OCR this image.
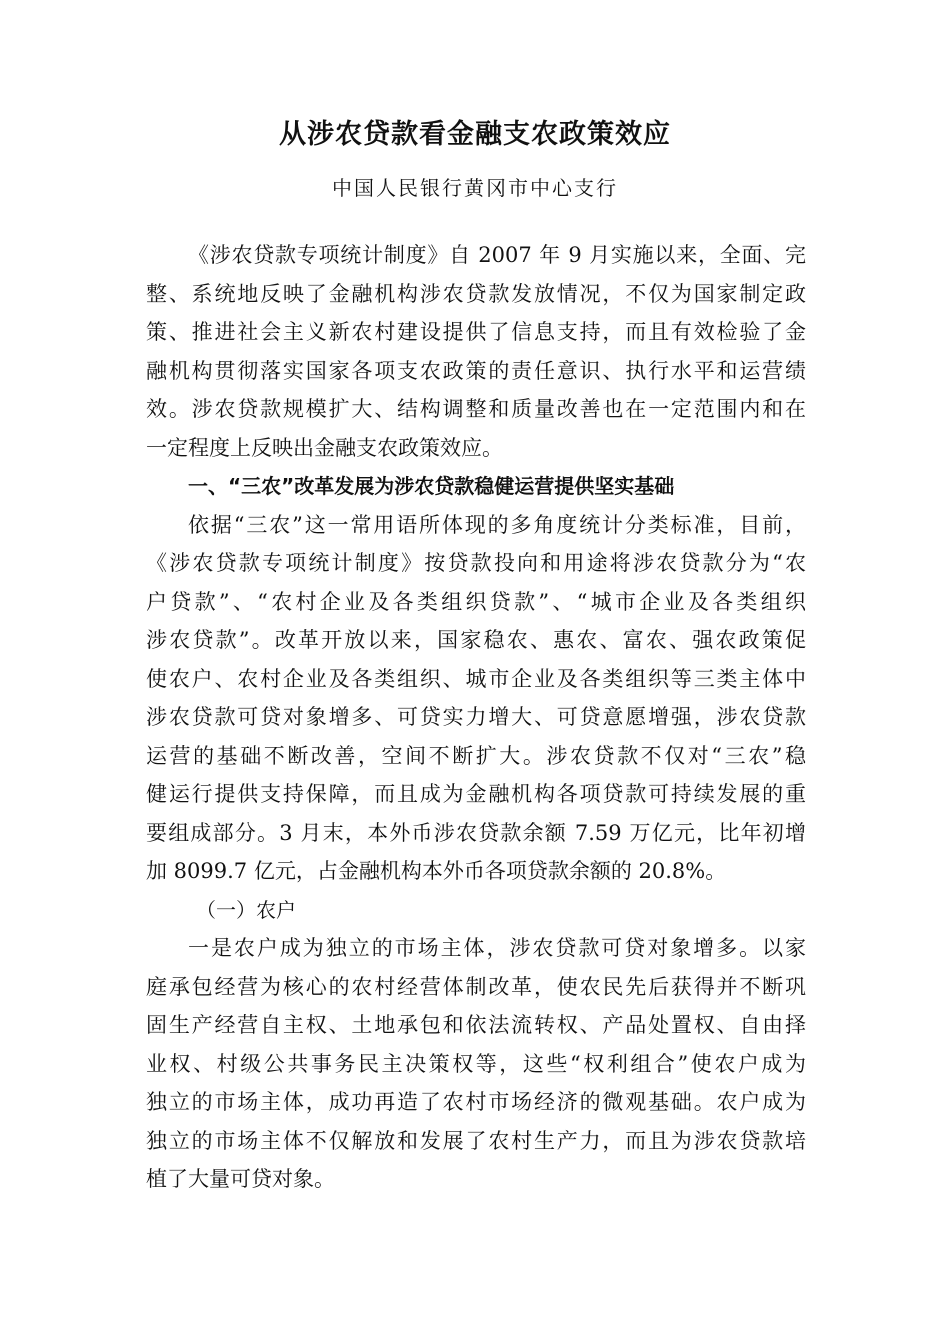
从涉农贷款看金融支农政策效应
中国人民银行黄冈市中心支行
《涉农贷款专项统计制度》自 2007 年 9 月实施以来，全面、完
整、系统地反映了金融机构涉农贷款发放情况，不仅为国家制定政
策、推进社会主义新农村建设提供了信息支持，而且有效检验了金
融机构贯彻落实国家各项支农政策的责任意识、执行水平和运营绩
效。涉农贷款规模扩大、结构调整和质量改善也在一定范围内和在
一定程度上反映出金融支农政策效应。
一、“三农”改革发展为涉农贷款稳健运营提供坚实基础
依据“三农”这一常用语所体现的多角度统计分类标准，目前，
《涉农贷款专项统计制度》按贷款投向和用途将涉农贷款分为“农
户贷款”、“农村企业及各类组织贷款”、“城市企业及各类组织
涉农贷款”。改革开放以来，国家稳农、惠农、富农、强农政策促
使农户、农村企业及各类组织、城市企业及各类组织等三类主体中
涉农贷款可贷对象增多、可贷实力增大、可贷意愿增强，涉农贷款
运营的基础不断改善，空间不断扩大。涉农贷款不仅对“三农”稳
健运行提供支持保障，而且成为金融机构各项贷款可持续发展的重
要组成部分。3 月末，本外币涉农贷款余额 7.59 万亿元，比年初增
加 8099.7 亿元，占金融机构本外币各项贷款余额的 20.8%。
（一）农户
一是农户成为独立的市场主体，涉农贷款可贷对象增多。以家
庭承包经营为核心的农村经营体制改革，使农民先后获得并不断巩
固生产经营自主权、土地承包和依法流转权、产品处置权、自由择
业权、村级公共事务民主决策权等，这些“权利组合”使农户成为
独立的市场主体，成功再造了农村市场经济的微观基础。农户成为
独立的市场主体不仅解放和发展了农村生产力，而且为涉农贷款培
植了大量可贷对象。
